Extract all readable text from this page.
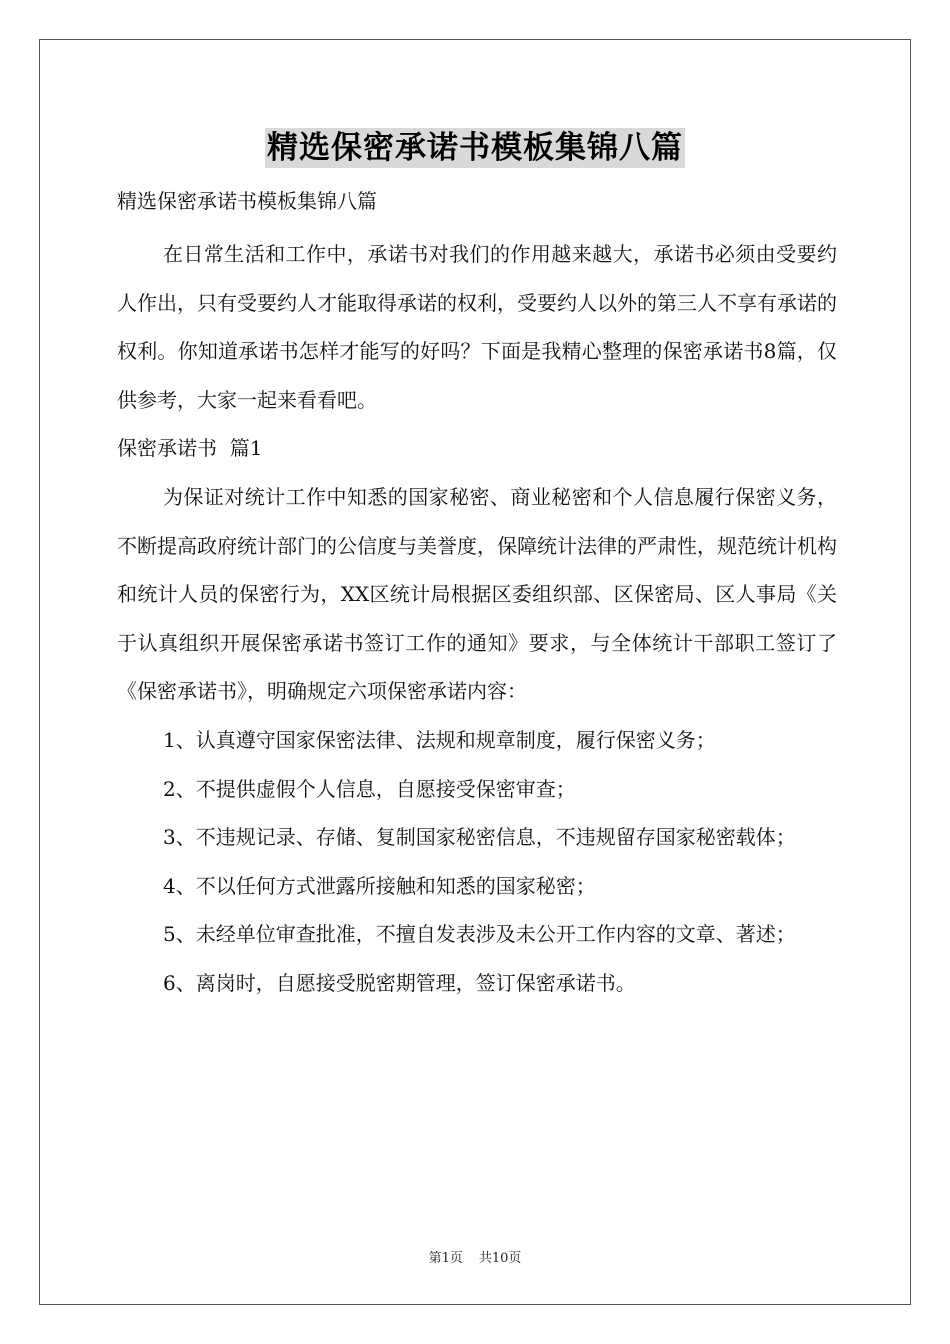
精选保密承诺书模板集锦八篇

精选保密承诺书模板集锦八篇

在日常生活和工作中，承诺书对我们的作用越来越大，承诺书必须由受要约人作出，只有受要约人才能取得承诺的权利，受要约人以外的第三人不享有承诺的权利。你知道承诺书怎样才能写的好吗？下面是我精心整理的保密承诺书8篇，仅供参考，大家一起来看看吧。

保密承诺书  篇1

为保证对统计工作中知悉的国家秘密、商业秘密和个人信息履行保密义务，不断提高政府统计部门的公信度与美誉度，保障统计法律的严肃性，规范统计机构和统计人员的保密行为，XX区统计局根据区委组织部、区保密局、区人事局《关于认真组织开展保密承诺书签订工作的通知》要求，与全体统计干部职工签订了《保密承诺书》，明确规定六项保密承诺内容：

1、认真遵守国家保密法律、法规和规章制度，履行保密义务；

2、不提供虚假个人信息，自愿接受保密审查；

3、不违规记录、存储、复制国家秘密信息，不违规留存国家秘密载体；

4、不以任何方式泄露所接触和知悉的国家秘密；

5、未经单位审查批准，不擅自发表涉及未公开工作内容的文章、著述；

6、离岗时，自愿接受脱密期管理，签订保密承诺书。

第1页 共10页
